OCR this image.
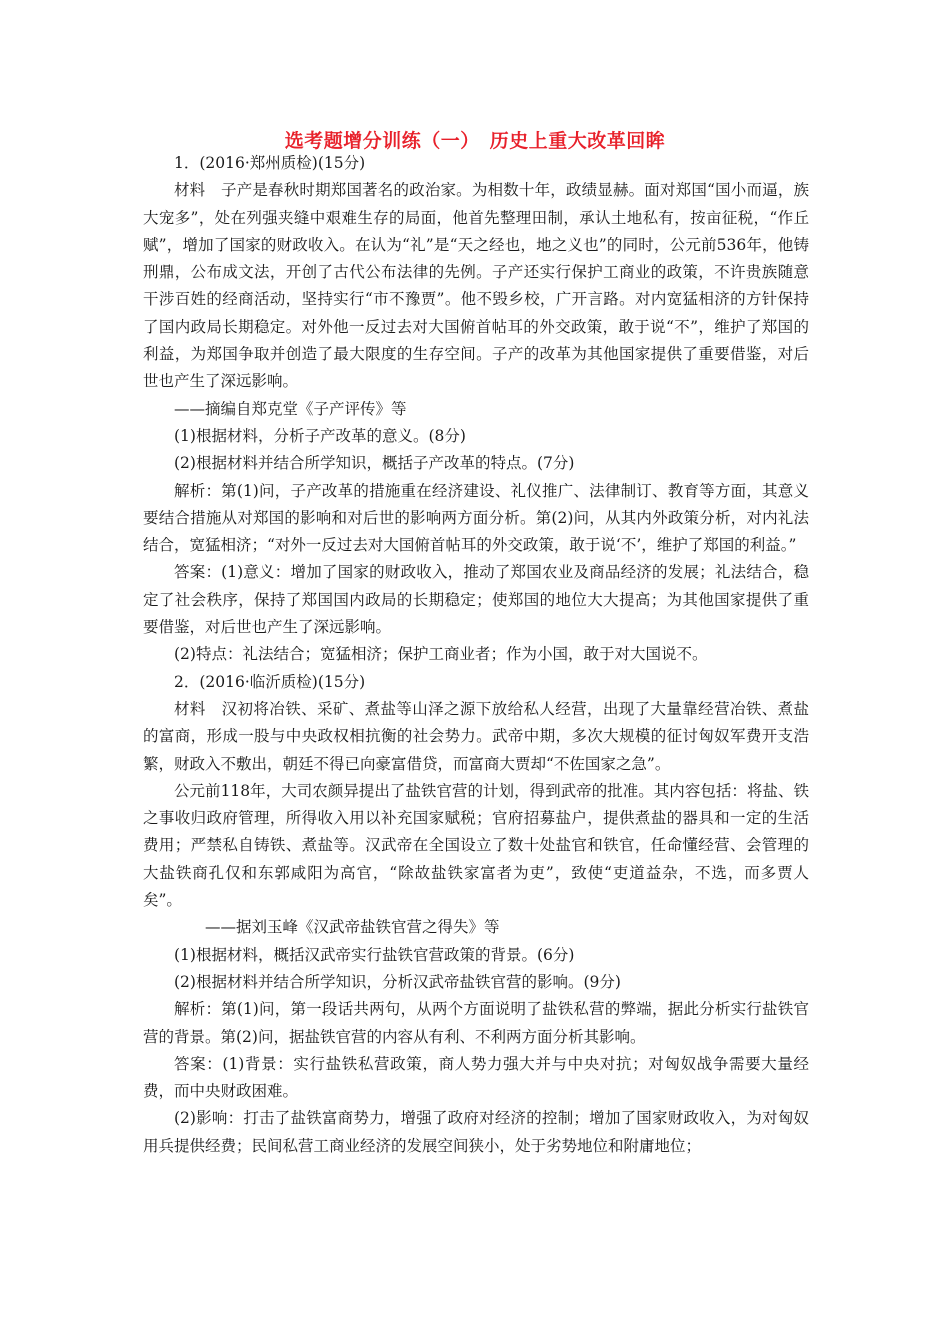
选考题增分训练（一）　历史上重大改革回眸

1．(2016·郑州质检)(15分)

材料　子产是春秋时期郑国著名的政治家。为相数十年，政绩显赫。面对郑国“国小而逼，族大宠多”，处在列强夹缝中艰难生存的局面，他首先整理田制，承认土地私有，按亩征税，“作丘赋”，增加了国家的财政收入。在认为“礼”是“天之经也，地之义也”的同时，公元前536年，他铸刑鼎，公布成文法，开创了古代公布法律的先例。子产还实行保护工商业的政策，不许贵族随意干涉百姓的经商活动，坚持实行“市不豫贾”。他不毁乡校，广开言路。对内宽猛相济的方针保持了国内政局长期稳定。对外他一反过去对大国俯首帖耳的外交政策，敢于说“不”，维护了郑国的利益，为郑国争取并创造了最大限度的生存空间。子产的改革为其他国家提供了重要借鉴，对后世也产生了深远影响。

——摘编自郑克堂《子产评传》等

(1)根据材料，分析子产改革的意义。(8分)

(2)根据材料并结合所学知识，概括子产改革的特点。(7分)

解析：第(1)问，子产改革的措施重在经济建设、礼仪推广、法律制订、教育等方面，其意义要结合措施从对郑国的影响和对后世的影响两方面分析。第(2)问，从其内外政策分析，对内礼法结合，宽猛相济；“对外一反过去对大国俯首帖耳的外交政策，敢于说‘不’，维护了郑国的利益。”

答案：(1)意义：增加了国家的财政收入，推动了郑国农业及商品经济的发展；礼法结合，稳定了社会秩序，保持了郑国国内政局的长期稳定；使郑国的地位大大提高；为其他国家提供了重要借鉴，对后世也产生了深远影响。

(2)特点：礼法结合；宽猛相济；保护工商业者；作为小国，敢于对大国说不。

2．(2016·临沂质检)(15分)

材料　汉初将冶铁、采矿、煮盐等山泽之源下放给私人经营，出现了大量靠经营冶铁、煮盐的富商，形成一股与中央政权相抗衡的社会势力。武帝中期，多次大规模的征讨匈奴军费开支浩繁，财政入不敷出，朝廷不得已向豪富借贷，而富商大贾却“不佐国家之急”。

公元前118年，大司农颜异提出了盐铁官营的计划，得到武帝的批准。其内容包括：将盐、铁之事收归政府管理，所得收入用以补充国家赋税；官府招募盐户，提供煮盐的器具和一定的生活费用；严禁私自铸铁、煮盐等。汉武帝在全国设立了数十处盐官和铁官，任命懂经营、会管理的大盐铁商孔仅和东郭咸阳为高官，“除故盐铁家富者为吏”，致使“吏道益杂，不选，而多贾人矣”。

——据刘玉峰《汉武帝盐铁官营之得失》等

(1)根据材料，概括汉武帝实行盐铁官营政策的背景。(6分)

(2)根据材料并结合所学知识，分析汉武帝盐铁官营的影响。(9分)

解析：第(1)问，第一段话共两句，从两个方面说明了盐铁私营的弊端，据此分析实行盐铁官营的背景。第(2)问，据盐铁官营的内容从有利、不利两方面分析其影响。

答案：(1)背景：实行盐铁私营政策，商人势力强大并与中央对抗；对匈奴战争需要大量经费，而中央财政困难。

(2)影响：打击了盐铁富商势力，增强了政府对经济的控制；增加了国家财政收入，为对匈奴用兵提供经费；民间私营工商业经济的发展空间狭小，处于劣势地位和附庸地位；
